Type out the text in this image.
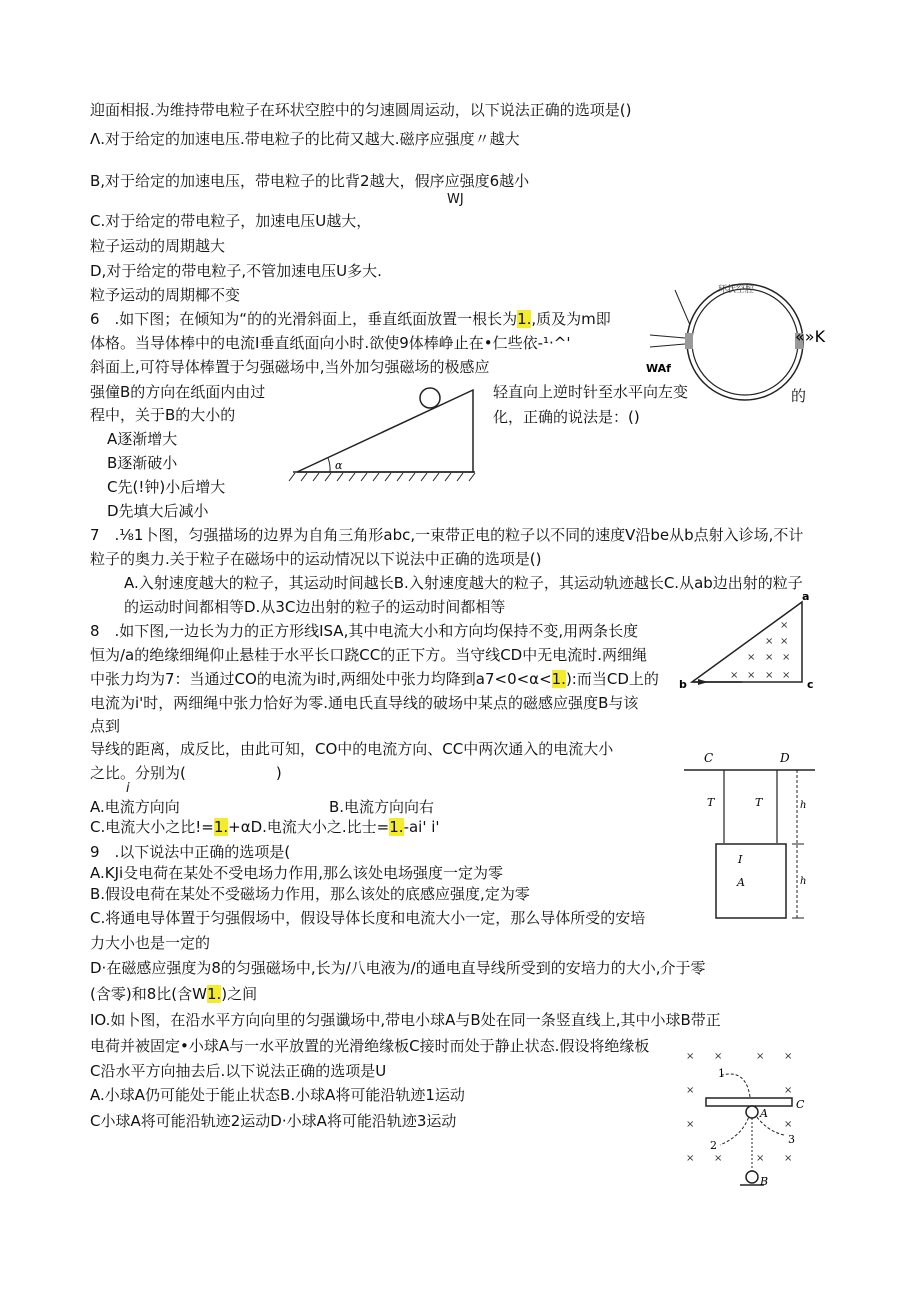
迎面相报.为维持带电粒子在环状空腔中的匀速圆周运动，以下说法正确的选项是()
Λ.对于给定的加速电压.带电粒子的比荷又越大.磁序应强度〃越大
B,对于给定的加速电压，带电粒子的比背2越大，假序应强度6越小
WJ
C.对于给定的带电粒子，加速电压U越大，
粒子运动的周期越大
D,对于给定的带电粒子,不管加速电压U多大.
粒予运动的周期椰不变
6　.如下图；在倾知为“的的光滑斜面上，垂直纸面放置一根长为1.,质及为m即
体格。当导体棒中的电流I垂直纸面向小时.欲使9体棒峥止在•仁些依-¹·^'
斜面上,可符导体棒置于匀强磁场中,当外加匀强磁场的极感应
强僮B的方向在纸面内由过	轻直向上逆时针至水平向左变	的
程中，关于B的大小的	化，正确的说法是：()
A逐渐增大
B逐渐破小
C先(!钟)小后增大
D先填大后减小
7　.⅛1卜图，匀强描场的边界为自角三角形abc,一束带正电的粒子以不同的速度V沿be从b点射入诊场,不计
粒子的奥力.关于粒子在磁场中的运动情况以下说法中正确的选项是()
A.入射速度越大的粒子，其运动时间越长B.入射速度越大的粒子，其运动轨迹越长C.从ab边出射的粒子
的运动时间都相等D.从3C边出射的粒子的运动时间都相等
8　.如下图,一边长为力的正方形线ISA,其中电流大小和方向均保持不变,用两条长度
恒为/a的绝缘细绳仰止悬桂于水平长口跷CC的正下方。当守线CD中无电流时.两细绳
中张力均为7：当通过CO的电流为i时,两细处中张力均降到a7<0<α<1.):而当CD上的
电流为i'时，两细绳中张力恰好为零.通电氏直导线的破场中某点的磁感应强度B与该
点到
导线的距离，成反比，由此可知，CO中的电流方向、CC中两次通入的电流大小
之比。分别为(　　　　　　)
i
A.电流方向向	B.电流方向向右
C.电流大小之比!=1.+αD.电流大小之.比士=1.-ai' i'
9　.以下说法中正确的选项是(
A.KJi殳电荷在某处不受电场力作用,那么该处电场强度一定为零
B.假设电荷在某处不受磁场力作用，那么该处的底感应强度,定为零
C.将通电导体置于匀强假场中，假设导体长度和电流大小一定，那么导体所受的安培
力大小也是一定的
D·在磁感应强度为8的匀强磁场中,长为/八电液为/的通电直导线所受到的安培力的大小,介于零
(含零)和8比(含W1.)之间
IO.如卜图，在沿水平方向向里的匀强谶场中,带电小球A与B处在同一条竖直线上,其中小球B带正
电荷并被固定•小球A与一水平放置的光滑绝缘板C接时而处于静止状态.假设将绝缘板
C沿水平方向抽去后.以下说法正确的选项是U
A.小球A仍可能处于能止状态B.小球A将可能沿轨迹1运动
C小球A将可能沿轨迹2运动D·小球A将可能沿轨迹3运动
环状空腔
WAf
«»K
α
a
b	c
×
× ×
× × ×
× × × ×
C	D
T	T
I
A
h
h
× ×	× ×
×	×
×	×
× ×	× ×
1
2	3
A
B
C
